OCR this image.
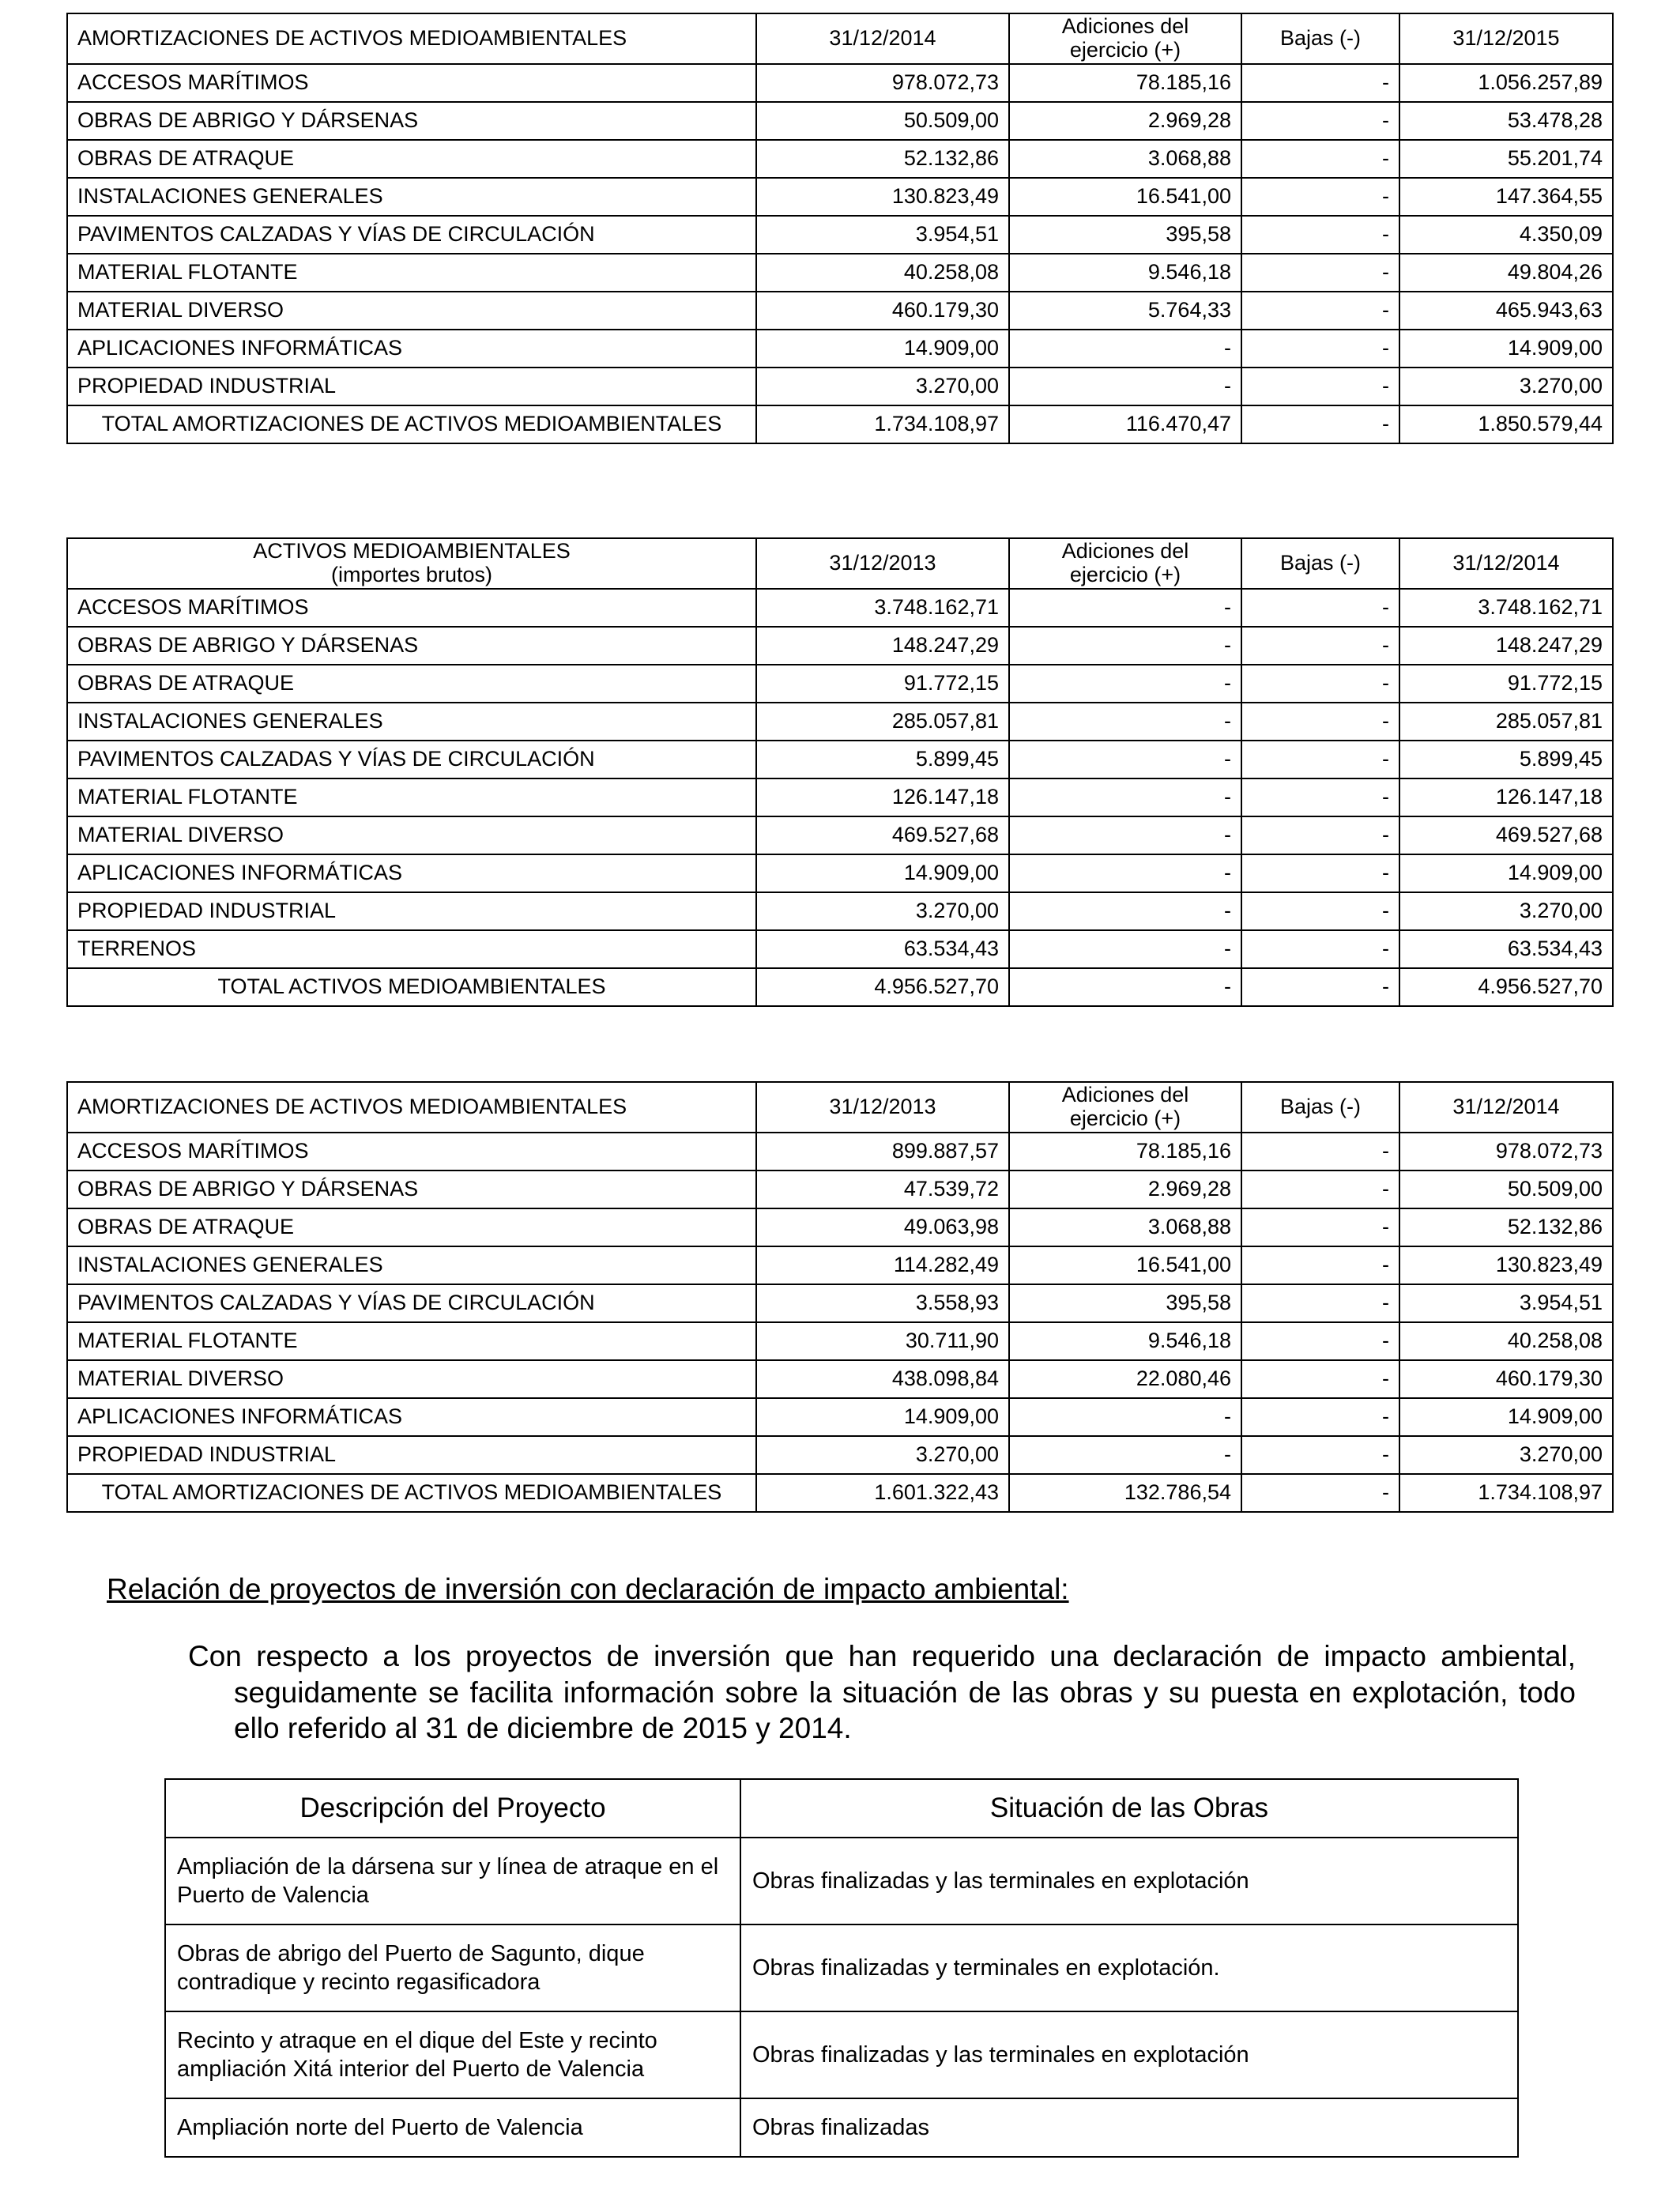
AMORTIZACIONES DE ACTIVOS MEDIOAMBIENTALES	31/12/2014	Adiciones del
ejercicio (+)	Bajas (-)	31/12/2015
ACCESOS MARÍTIMOS	978.072,73	78.185,16	-	1.056.257,89
OBRAS DE ABRIGO Y DÁRSENAS	50.509,00	2.969,28	-	53.478,28
OBRAS DE ATRAQUE	52.132,86	3.068,88	-	55.201,74
INSTALACIONES GENERALES	130.823,49	16.541,00	-	147.364,55
PAVIMENTOS CALZADAS Y VÍAS DE CIRCULACIÓN	3.954,51	395,58	-	4.350,09
MATERIAL FLOTANTE	40.258,08	9.546,18	-	49.804,26
MATERIAL DIVERSO	460.179,30	5.764,33	-	465.943,63
APLICACIONES INFORMÁTICAS	14.909,00	-	-	14.909,00
PROPIEDAD INDUSTRIAL	3.270,00	-	-	3.270,00
TOTAL AMORTIZACIONES DE ACTIVOS MEDIOAMBIENTALES	1.734.108,97	116.470,47	-	1.850.579,44
ACTIVOS MEDIOAMBIENTALES
(importes brutos)	31/12/2013	Adiciones del
ejercicio (+)	Bajas (-)	31/12/2014
ACCESOS MARÍTIMOS	3.748.162,71	-	-	3.748.162,71
OBRAS DE ABRIGO Y DÁRSENAS	148.247,29	-	-	148.247,29
OBRAS DE ATRAQUE	91.772,15	-	-	91.772,15
INSTALACIONES GENERALES	285.057,81	-	-	285.057,81
PAVIMENTOS CALZADAS Y VÍAS DE CIRCULACIÓN	5.899,45	-	-	5.899,45
MATERIAL FLOTANTE	126.147,18	-	-	126.147,18
MATERIAL DIVERSO	469.527,68	-	-	469.527,68
APLICACIONES INFORMÁTICAS	14.909,00	-	-	14.909,00
PROPIEDAD INDUSTRIAL	3.270,00	-	-	3.270,00
TERRENOS	63.534,43	-	-	63.534,43
TOTAL ACTIVOS MEDIOAMBIENTALES	4.956.527,70	-	-	4.956.527,70
AMORTIZACIONES DE ACTIVOS MEDIOAMBIENTALES	31/12/2013	Adiciones del
ejercicio (+)	Bajas (-)	31/12/2014
ACCESOS MARÍTIMOS	899.887,57	78.185,16	-	978.072,73
OBRAS DE ABRIGO Y DÁRSENAS	47.539,72	2.969,28	-	50.509,00
OBRAS DE ATRAQUE	49.063,98	3.068,88	-	52.132,86
INSTALACIONES GENERALES	114.282,49	16.541,00	-	130.823,49
PAVIMENTOS CALZADAS Y VÍAS DE CIRCULACIÓN	3.558,93	395,58	-	3.954,51
MATERIAL FLOTANTE	30.711,90	9.546,18	-	40.258,08
MATERIAL DIVERSO	438.098,84	22.080,46	-	460.179,30
APLICACIONES INFORMÁTICAS	14.909,00	-	-	14.909,00
PROPIEDAD INDUSTRIAL	3.270,00	-	-	3.270,00
TOTAL AMORTIZACIONES DE ACTIVOS MEDIOAMBIENTALES	1.601.322,43	132.786,54	-	1.734.108,97
Relación de proyectos de inversión con declaración de impacto ambiental:
Con respecto a los proyectos de inversión que han requerido una declaración de impacto ambiental, seguidamente se facilita información sobre la situación de las obras y su puesta en explotación, todo ello referido al 31 de diciembre de 2015 y 2014.
Descripción del Proyecto	Situación de las Obras
Ampliación de la dársena sur y línea de atraque en el Puerto de Valencia	Obras finalizadas y las terminales en explotación
Obras de abrigo del Puerto de Sagunto, dique contradique y recinto regasificadora	Obras finalizadas y terminales en explotación.
Recinto y atraque en el dique del Este y recinto ampliación Xitá interior del Puerto de Valencia	Obras finalizadas y las terminales en explotación
Ampliación norte del Puerto de Valencia	Obras finalizadas
